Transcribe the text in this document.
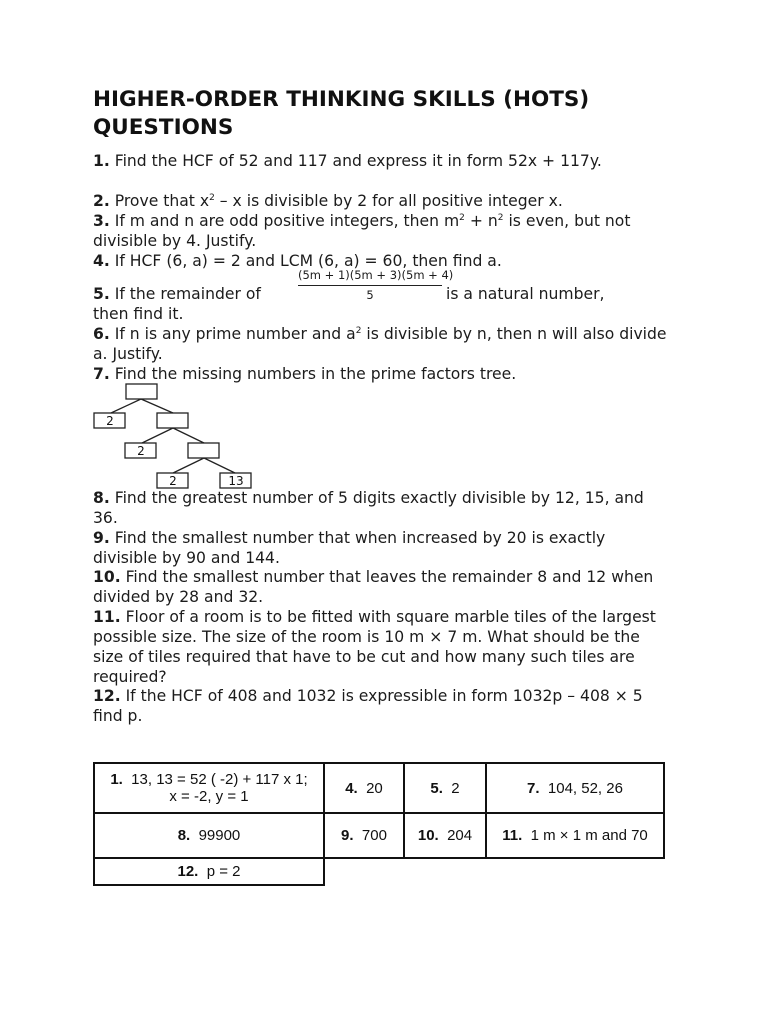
HIGHER-ORDER THINKING SKILLS (HOTS) QUESTIONS
1. Find the HCF of 52 and 117 and express it in form 52x + 117y.
2. Prove that $x^2$ – x is divisible by 2 for all positive integer x.
3. If m and n are odd positive integers, then $m^2 + n^2$ is even, but not divisible by 4. Justify.
4. If HCF (6, a) = 2 and LCM (6, a) = 60, then find a.
5. If the remainder of	is a natural number,
then find it.
(5m + 1)(5m + 3)(5m + 4)
5
6. If n is any prime number and $a^2$ is divisible by n, then n will also divide a. Justify.
7. Find the missing numbers in the prime factors tree.
2
2
2	13
8. Find the greatest number of 5 digits exactly divisible by 12, 15, and 36.
9. Find the smallest number that when increased by 20 is exactly divisible by 90 and 144.
10. Find the smallest number that leaves the remainder 8 and 12 when divided by 28 and 32.
11. Floor of a room is to be fitted with square marble tiles of the largest possible size. The size of the room is 10 m × 7 m. What should be the size of tiles required that have to be cut and how many such tiles are required?
12. If the HCF of 408 and 1032 is expressible in form 1032p – 408 × 5 find p.
1. 13, 13 = 52 ( -2) + 117 x 1;
x = -2, y = 1	4. 20	5. 2	7. 104, 52, 26
8. 99900	9. 700	10. 204	11. 1 m × 1 m and 70
12. p = 2			
